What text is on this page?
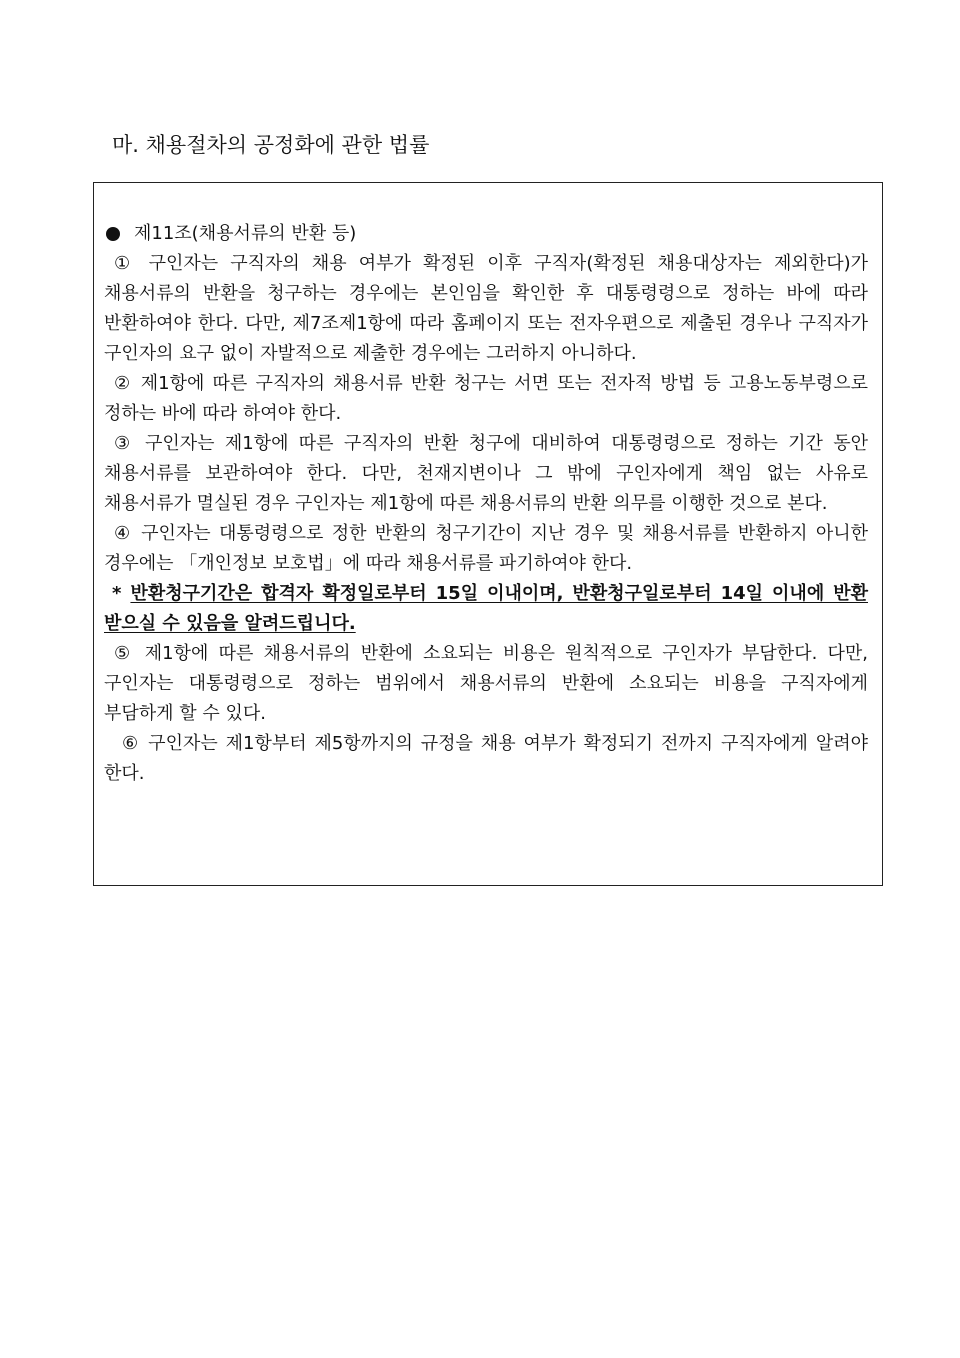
마. 채용절차의 공정화에 관한 법률
제11조(채용서류의 반환 등)

① 구인자는 구직자의 채용 여부가 확정된 이후 구직자(확정된 채용대상자는 제외한다)가 채용서류의 반환을 청구하는 경우에는 본인임을 확인한 후 대통령령으로 정하는 바에 따라 반환하여야 한다. 다만, 제7조제1항에 따라 홈페이지 또는 전자우편으로 제출된 경우나 구직자가 구인자의 요구 없이 자발적으로 제출한 경우에는 그러하지 아니하다.

② 제1항에 따른 구직자의 채용서류 반환 청구는 서면 또는 전자적 방법 등 고용노동부령으로 정하는 바에 따라 하여야 한다.

③ 구인자는 제1항에 따른 구직자의 반환 청구에 대비하여 대통령령으로 정하는 기간 동안 채용서류를 보관하여야 한다. 다만, 천재지변이나 그 밖에 구인자에게 책임 없는 사유로 채용서류가 멸실된 경우 구인자는 제1항에 따른 채용서류의 반환 의무를 이행한 것으로 본다.

④ 구인자는 대통령령으로 정한 반환의 청구기간이 지난 경우 및 채용서류를 반환하지 아니한 경우에는 「개인정보 보호법」에 따라 채용서류를 파기하여야 한다.

* 반환청구기간은 합격자 확정일로부터 15일 이내이며, 반환청구일로부터 14일 이내에 반환 받으실 수 있음을 알려드립니다.

⑤ 제1항에 따른 채용서류의 반환에 소요되는 비용은 원칙적으로 구인자가 부담한다. 다만, 구인자는 대통령령으로 정하는 범위에서 채용서류의 반환에 소요되는 비용을 구직자에게 부담하게 할 수 있다.

⑥ 구인자는 제1항부터 제5항까지의 규정을 채용 여부가 확정되기 전까지 구직자에게 알려야 한다.
